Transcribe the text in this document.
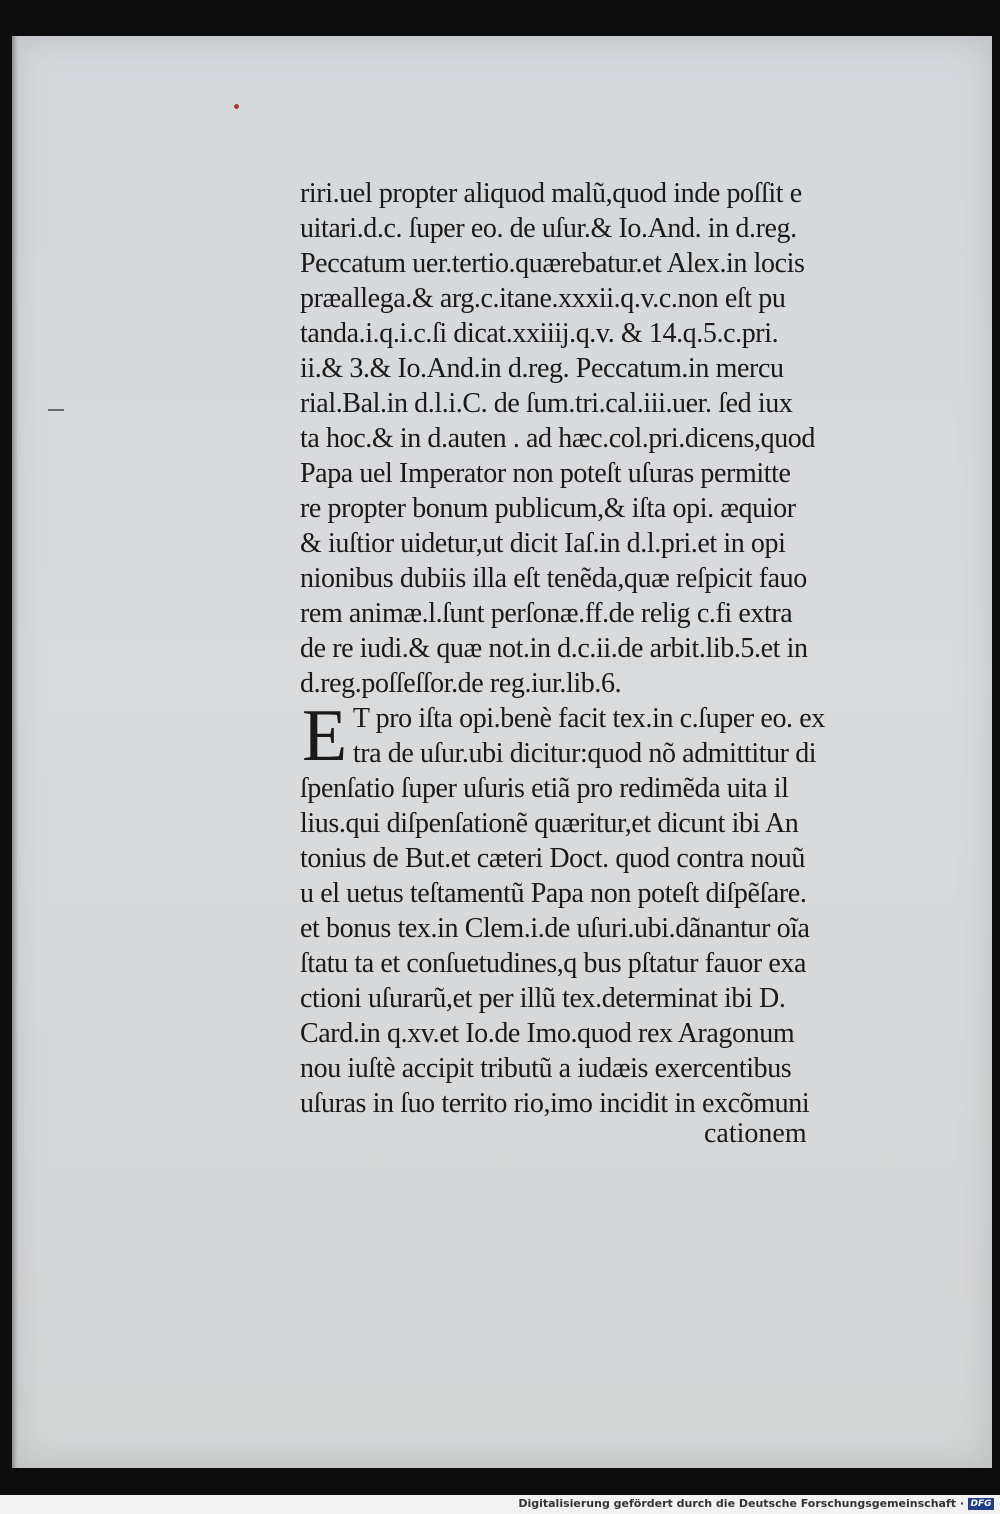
riri.uel propter aliquod malũ,quod inde poſſit e
uitari.d.c. ſuper eo. de uſur.& Io.And. in d.reg.
Peccatum uer.tertio.quærebatur.et Alex.in locis
præallega.& arg.c.itane.xxxii.q.v.c.non eſt pu
tanda.i.q.i.c.ſi dicat.xxiiij.q.v. & 14.q.5.c.pri.
ii.& 3.& Io.And.in d.reg. Peccatum.in mercu
rial.Bal.in d.l.i.C. de ſum.tri.cal.iii.uer. ſed iux
ta hoc.& in d.auten . ad hæc.col.pri.dicens,quod
Papa uel Imperator non poteſt uſuras permitte
re propter bonum publicum,& iſta opi. æquior
& iuſtior uidetur,ut dicit Iaſ.in d.l.pri.et in opi
nionibus dubiis illa eſt tenẽda,quæ reſpicit fauo
rem animæ.l.ſunt perſonæ.ff.de relig c.fi extra
de re iudi.& quæ not.in d.c.ii.de arbit.lib.5.et in
d.reg.poſſeſſor.de reg.iur.lib.6.
E T pro iſta opi.benè facit tex.in c.ſuper eo. ex
tra de uſur.ubi dicitur:quod nõ admittitur di
ſpenſatio ſuper uſuris etiã pro redimẽda uita il
lius.qui diſpenſationẽ quæritur,et dicunt ibi An
tonius de But.et cæteri Doct. quod contra nouũ
u el uetus teſtamentũ Papa non poteſt diſpẽſare.
et bonus tex.in Clem.i.de uſuri.ubi.dãnantur oĩa
ſtatu ta et conſuetudines,q bus pſtatur fauor exa
ctioni uſurarũ,et per illũ tex.determinat ibi D.
Card.in q.xv.et Io.de Imo.quod rex Aragonum
nou iuſtè accipit tributũ a iudæis exercentibus
uſuras in ſuo territo rio,imo incidit in excõmuni
cationem
Digitalisierung gefördert durch die Deutsche Forschungsgemeinschaft · DFG
